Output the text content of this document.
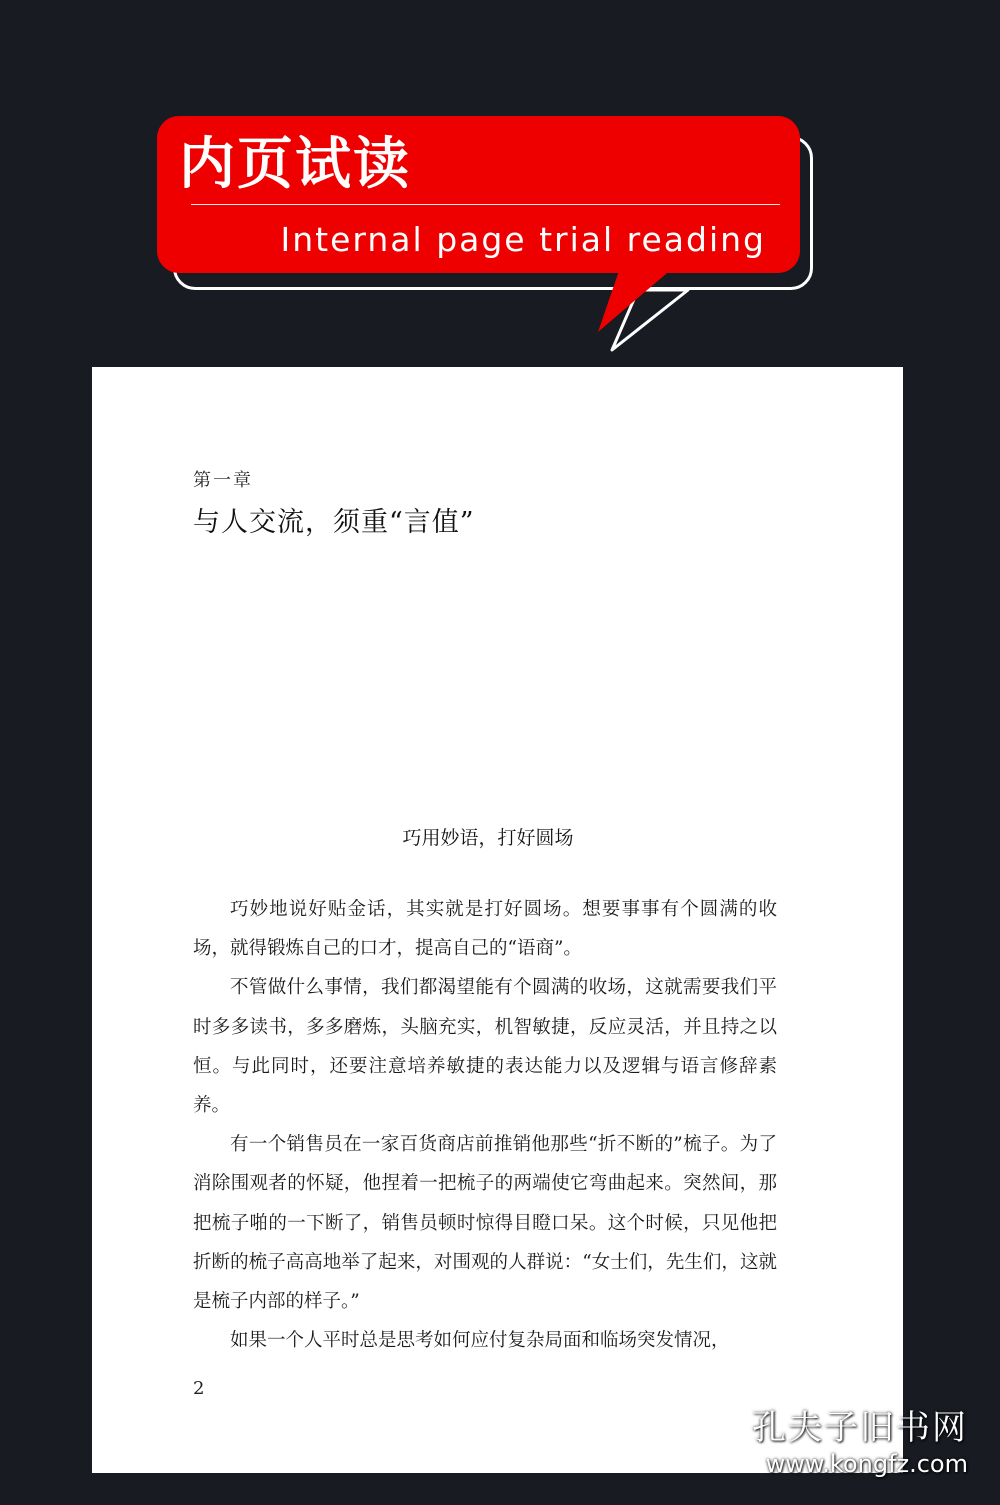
内页试读
Internal page trial reading
第一章
与人交流，须重“言值”
巧用妙语，打好圆场

巧妙地说好贴金话，其实就是打好圆场。想要事事有个圆满的收场，就得锻炼自己的口才，提高自己的“语商”。

不管做什么事情，我们都渴望能有个圆满的收场，这就需要我们平时多多读书，多多磨炼，头脑充实，机智敏捷，反应灵活，并且持之以恒。与此同时，还要注意培养敏捷的表达能力以及逻辑与语言修辞素养。

有一个销售员在一家百货商店前推销他那些“折不断的”梳子。为了消除围观者的怀疑，他捏着一把梳子的两端使它弯曲起来。突然间，那把梳子啪的一下断了，销售员顿时惊得目瞪口呆。这个时候，只见他把折断的梳子高高地举了起来，对围观的人群说：“女士们，先生们，这就是梳子内部的样子。”

如果一个人平时总是思考如何应付复杂局面和临场突发情况，

2
孔夫子旧书网
www.kongfz.com
